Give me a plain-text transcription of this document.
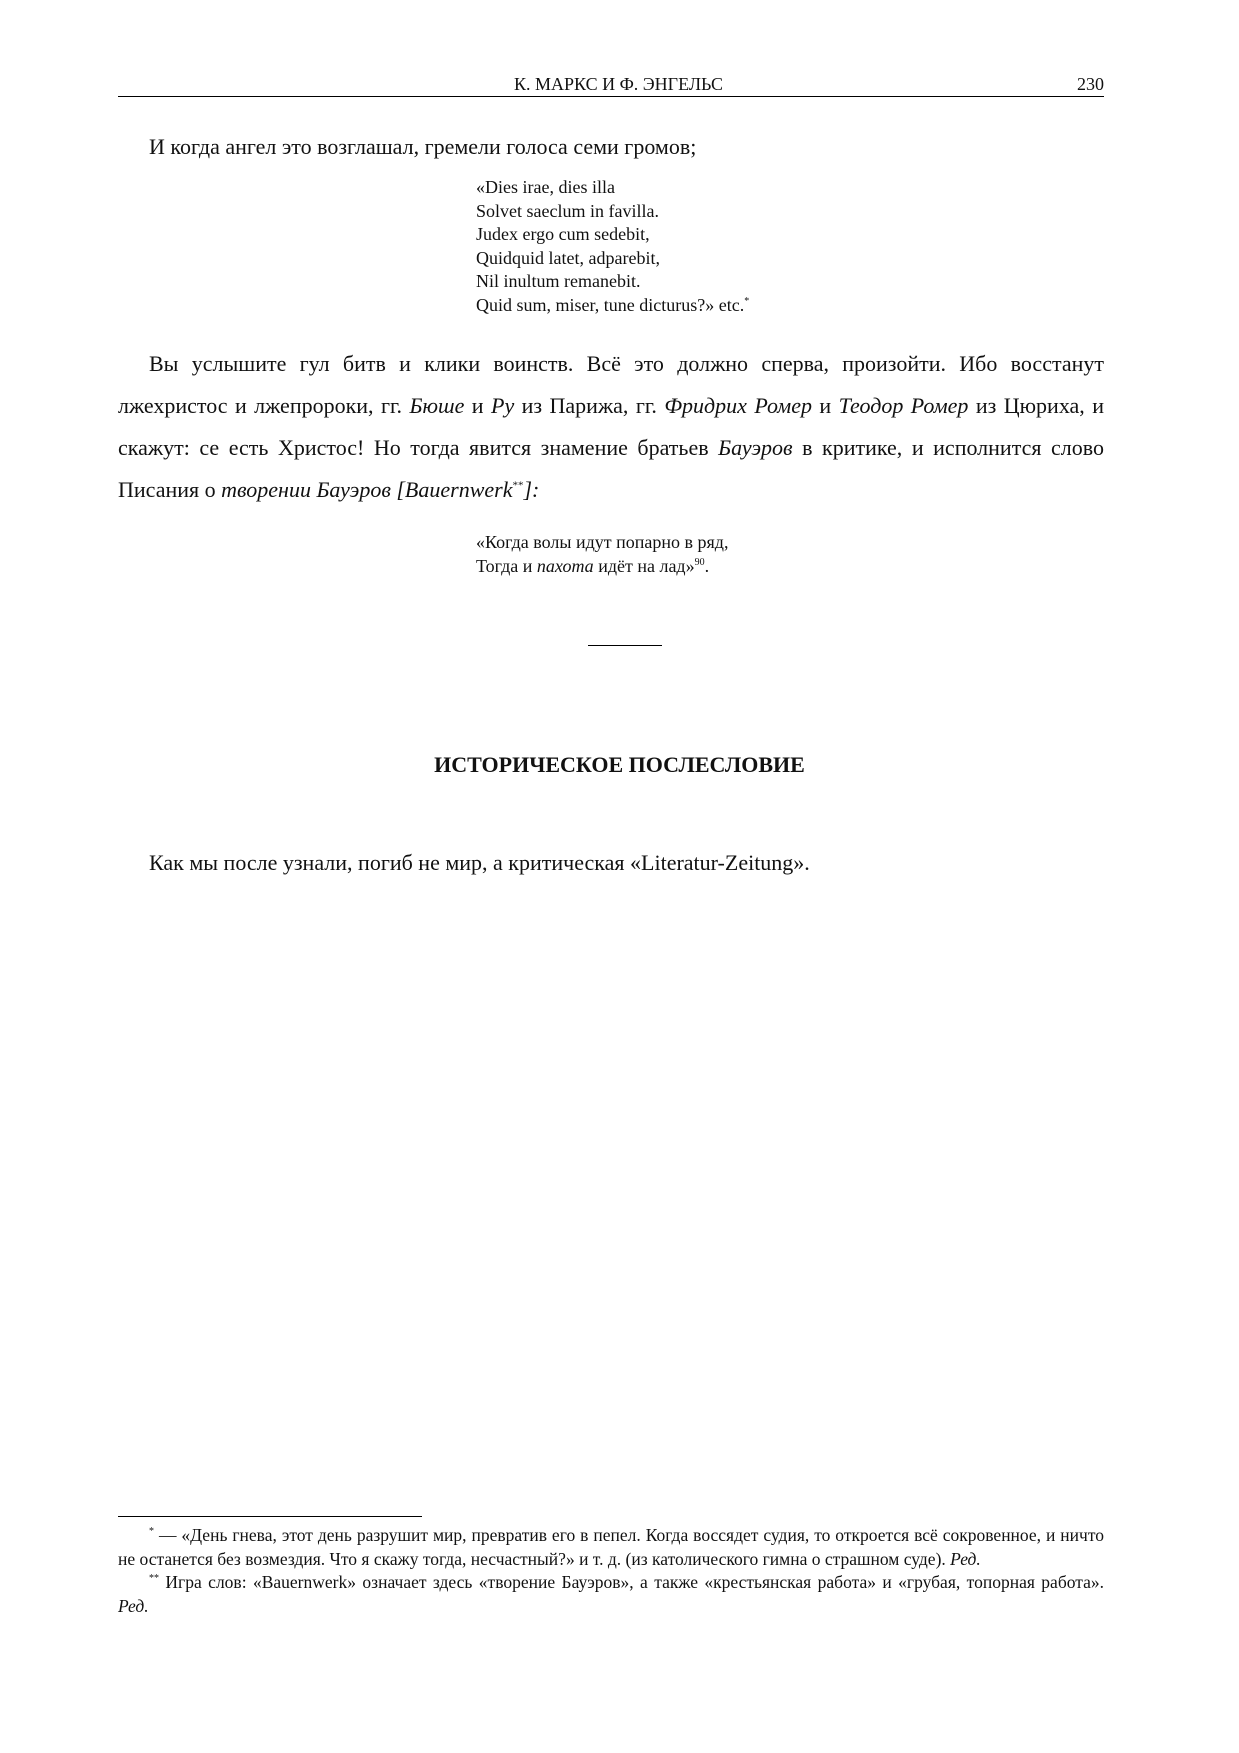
К. МАРКС И Ф. ЭНГЕЛЬС	230

И когда ангел это возглашал, гремели голоса семи громов;

«Dies irae, dies illa
Solvet saeclum in favilla.
Judex ergo cum sedebit,
Quidquid latet, adparebit,
Nil inultum remanebit.
Quid sum, miser, tune dicturus?» etc.*

Вы услышите гул битв и клики воинств. Всё это должно сперва, произойти. Ибо восстанут лжехристос и лжепророки, гг. Бюше и Ру из Парижа, гг. Фридрих Ромер и Теодор Ромер из Цюриха, и скажут: се есть Христос! Но тогда явится знамение братьев Бауэров в критике, и исполнится слово Писания о творении Бауэров [Bauernwerk**]:

«Когда волы идут попарно в ряд,
Тогда и пахота идёт на лад»$^{90}$.
ИСТОРИЧЕСКОЕ ПОСЛЕСЛОВИЕ

Как мы после узнали, погиб не мир, а критическая «Literatur-Zeitung».

* — «День гнева, этот день разрушит мир, превратив его в пепел. Когда воссядет судия, то откроется всё сокровенное, и ничто не останется без возмездия. Что я скажу тогда, несчастный?» и т. д. (из католического гимна о страшном суде). Ред.

** Игра слов: «Bauernwerk» означает здесь «творение Бауэров», а также «крестьянская работа» и «грубая, топорная работа». Ред.
